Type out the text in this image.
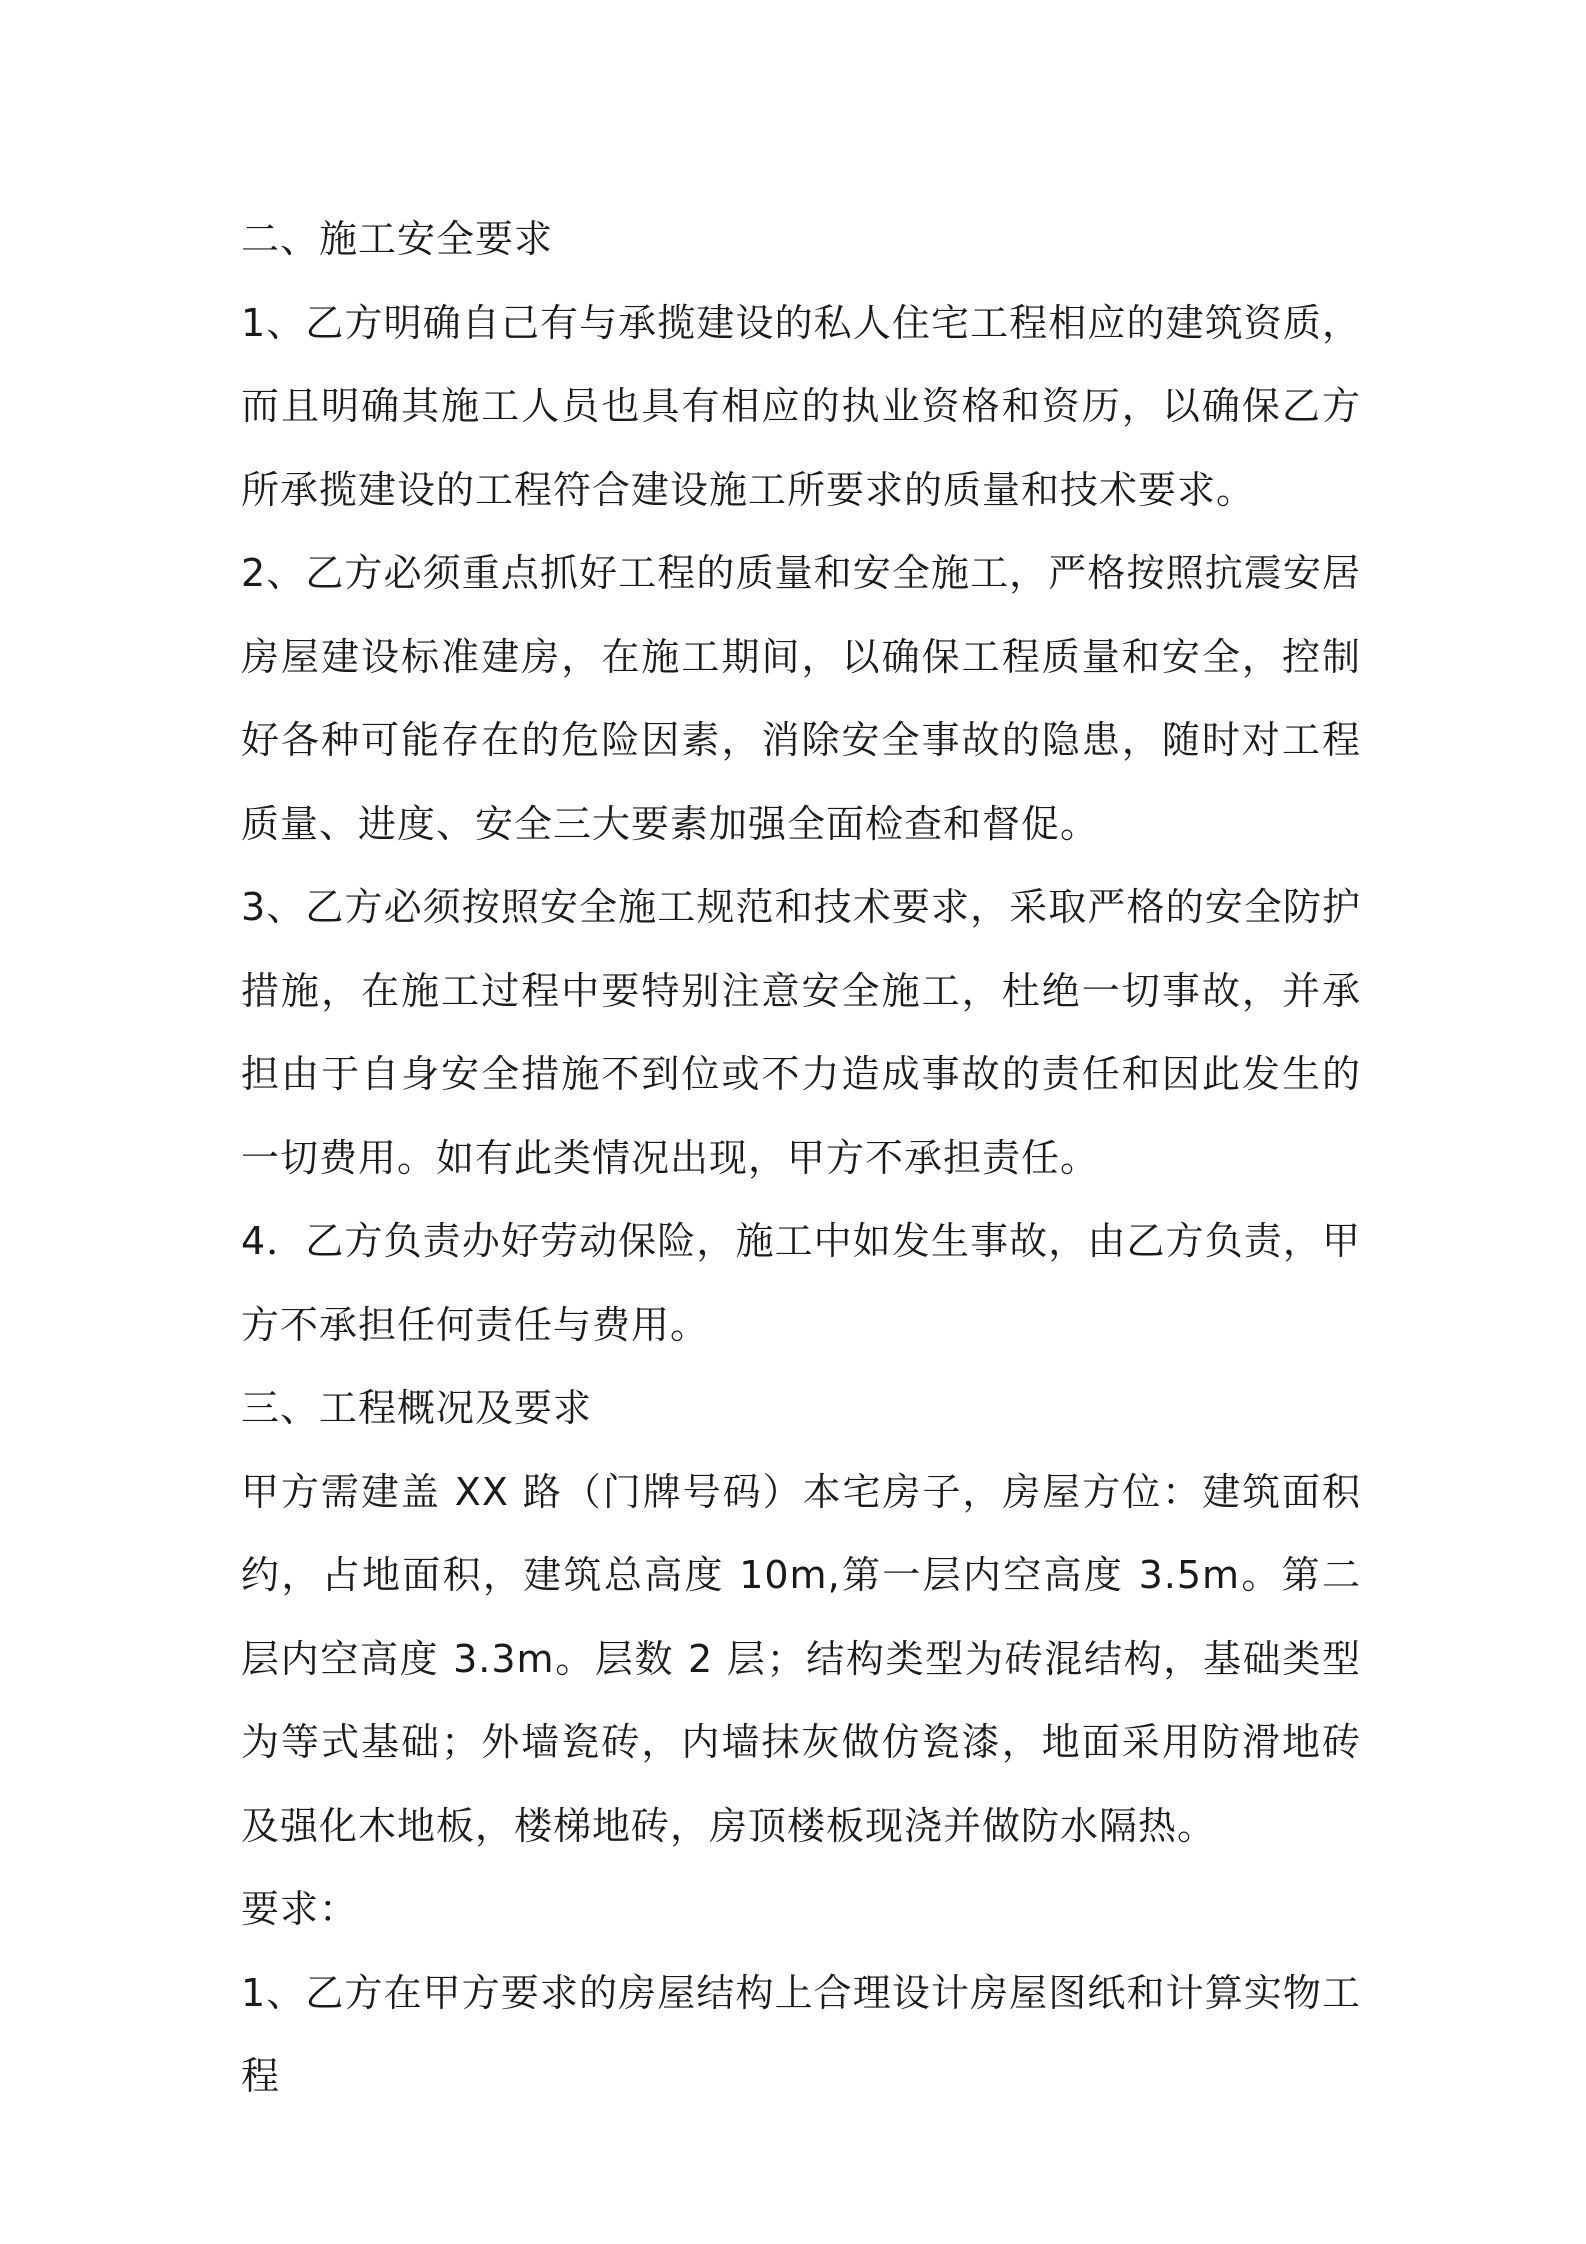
二、施工安全要求

1、乙方明确自己有与承揽建设的私人住宅工程相应的建筑资质，而且明确其施工人员也具有相应的执业资格和资历，以确保乙方所承揽建设的工程符合建设施工所要求的质量和技术要求。

2、乙方必须重点抓好工程的质量和安全施工，严格按照抗震安居房屋建设标准建房，在施工期间，以确保工程质量和安全，控制好各种可能存在的危险因素，消除安全事故的隐患，随时对工程质量、进度、安全三大要素加强全面检查和督促。

3、乙方必须按照安全施工规范和技术要求，采取严格的安全防护措施，在施工过程中要特别注意安全施工，杜绝一切事故，并承担由于自身安全措施不到位或不力造成事故的责任和因此发生的一切费用。如有此类情况出现，甲方不承担责任。

4．乙方负责办好劳动保险，施工中如发生事故，由乙方负责，甲方不承担任何责任与费用。

三、工程概况及要求

甲方需建盖 XX 路（门牌号码）本宅房子，房屋方位：建筑面积约，占地面积，建筑总高度 10m,第一层内空高度 3.5m。第二层内空高度 3.3m。层数 2 层；结构类型为砖混结构，基础类型为等式基础；外墙瓷砖，内墙抹灰做仿瓷漆，地面采用防滑地砖及强化木地板，楼梯地砖，房顶楼板现浇并做防水隔热。

要求：

1、乙方在甲方要求的房屋结构上合理设计房屋图纸和计算实物工程
